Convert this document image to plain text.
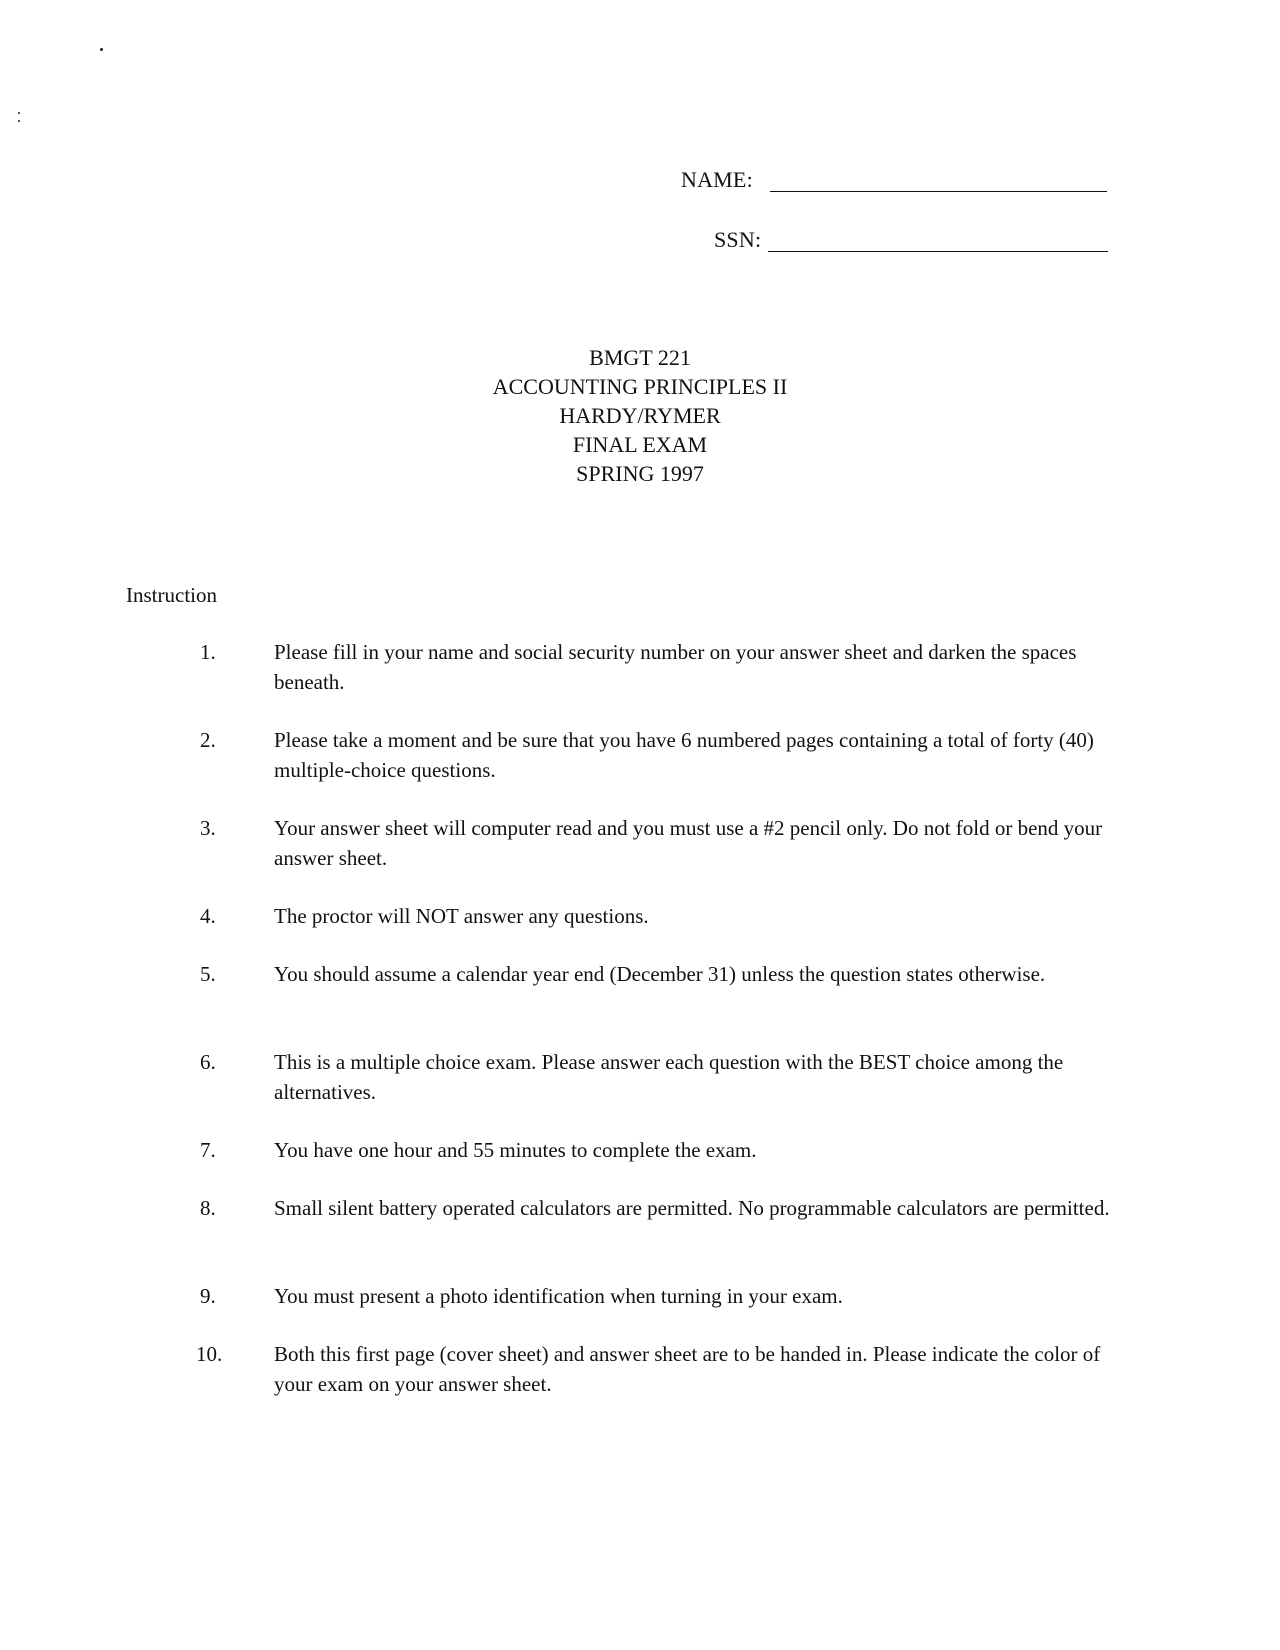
NAME:
SSN:
BMGT 221
ACCOUNTING PRINCIPLES II
HARDY/RYMER
FINAL EXAM
SPRING 1997
Instruction
1.	Please fill in your name and social security number on your answer sheet and darken the spaces beneath.
2.	Please take a moment and be sure that you have 6 numbered pages containing a total of forty (40) multiple-choice questions.
3.	Your answer sheet will computer read and you must use a #2 pencil only. Do not fold or bend your answer sheet.
4.	The proctor will NOT answer any questions.
5.	You should assume a calendar year end (December 31) unless the question states otherwise.
6.	This is a multiple choice exam. Please answer each question with the BEST choice among the alternatives.
7.	You have one hour and 55 minutes to complete the exam.
8.	Small silent battery operated calculators are permitted. No programmable calculators are permitted.
9.	You must present a photo identification when turning in your exam.
10. Both this first page (cover sheet) and answer sheet are to be handed in. Please indicate the color of your exam on your answer sheet.
